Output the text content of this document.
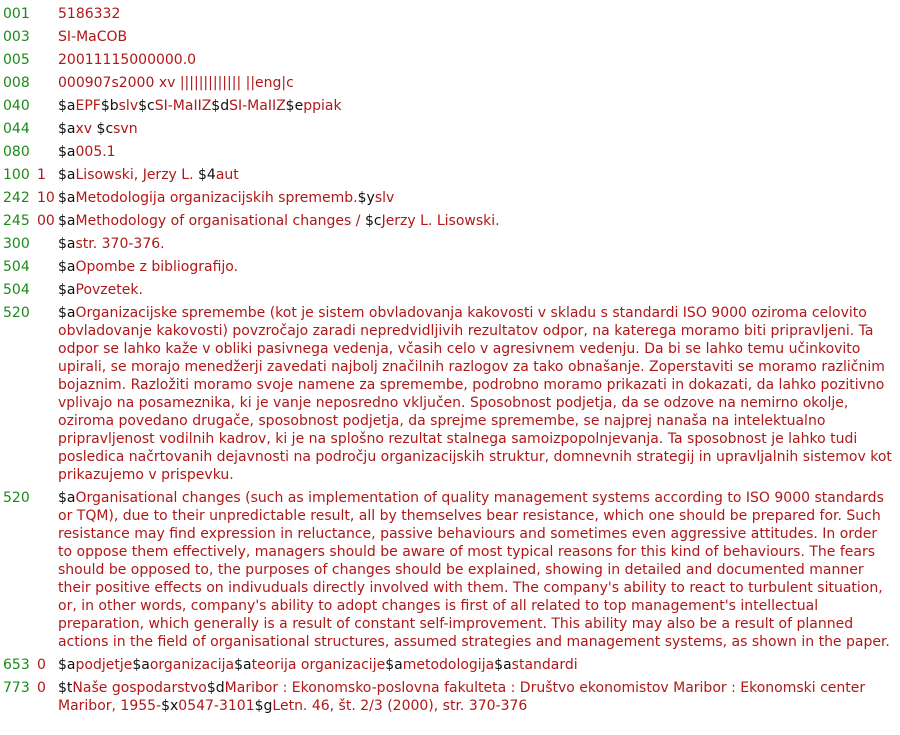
001	5186332
003	SI-MaCOB
005	20011115000000.0
008	000907s2000 xv ||||||||||||| ||eng|c
040	$aEPF$bslv$cSI-MaIIZ$dSI-MaIIZ$eppiak
044	$axv $csvn
080	$a005.1
100 1 $aLisowski, Jerzy L. $4aut
242 10 $aMetodologija organizacijskih sprememb.$yslv
245 00 $aMethodology of organisational changes / $cJerzy L. Lisowski.
300	$astr. 370-376.
504	$aOpombe z bibliografijo.
504	$aPovzetek.
520	$aOrganizacijske spremembe (kot je sistem obvladovanja kakovosti v skladu s standardi ISO 9000 oziroma celovito obvladovanje kakovosti) povzročajo zaradi nepredvidljivih rezultatov odpor, na katerega moramo biti pripravljeni. Ta odpor se lahko kaže v obliki pasivnega vedenja, včasih celo v agresivnem vedenju. Da bi se lahko temu učinkovito upirali, se morajo menedžerji zavedati najbolj značilnih razlogov za tako obnašanje. Zoperstaviti se moramo različnim bojaznim. Razložiti moramo svoje namene za spremembe, podrobno moramo prikazati in dokazati, da lahko pozitivno vplivajo na posameznika, ki je vanje neposredno vključen. Sposobnost podjetja, da se odzove na nemirno okolje, oziroma povedano drugače, sposobnost podjetja, da sprejme spremembe, se najprej nanaša na intelektualno pripravljenost vodilnih kadrov, ki je na splošno rezultat stalnega samoizpopolnjevanja. Ta sposobnost je lahko tudi posledica načrtovanih dejavnosti na področju organizacijskih struktur, domnevnih strategij in upravljalnih sistemov kot prikazujemo v prispevku.
520	$aOrganisational changes (such as implementation of quality management systems according to ISO 9000 standards or TQM), due to their unpredictable result, all by themselves bear resistance, which one should be prepared for. Such resistance may find expression in reluctance, passive behaviours and sometimes even aggressive attitudes. In order to oppose them effectively, managers should be aware of most typical reasons for this kind of behaviours. The fears should be opposed to, the purposes of changes should be explained, showing in detailed and documented manner their positive effects on indivuduals directly involved with them. The company's ability to react to turbulent situation, or, in other words, company's ability to adopt changes is first of all related to top management's intellectual preparation, which generally is a result of constant self-improvement. This ability may also be a result of planned actions in the field of organisational structures, assumed strategies and management systems, as shown in the paper.
653 0 $apodjetje$aorganizacija$ateorija organizacije$ametodologija$astandardi
773 0 $tNaše gospodarstvo$dMaribor : Ekonomsko-poslovna fakulteta : Društvo ekonomistov Maribor : Ekonomski center Maribor, 1955-$x0547-3101$gLetn. 46, št. 2/3 (2000), str. 370-376
